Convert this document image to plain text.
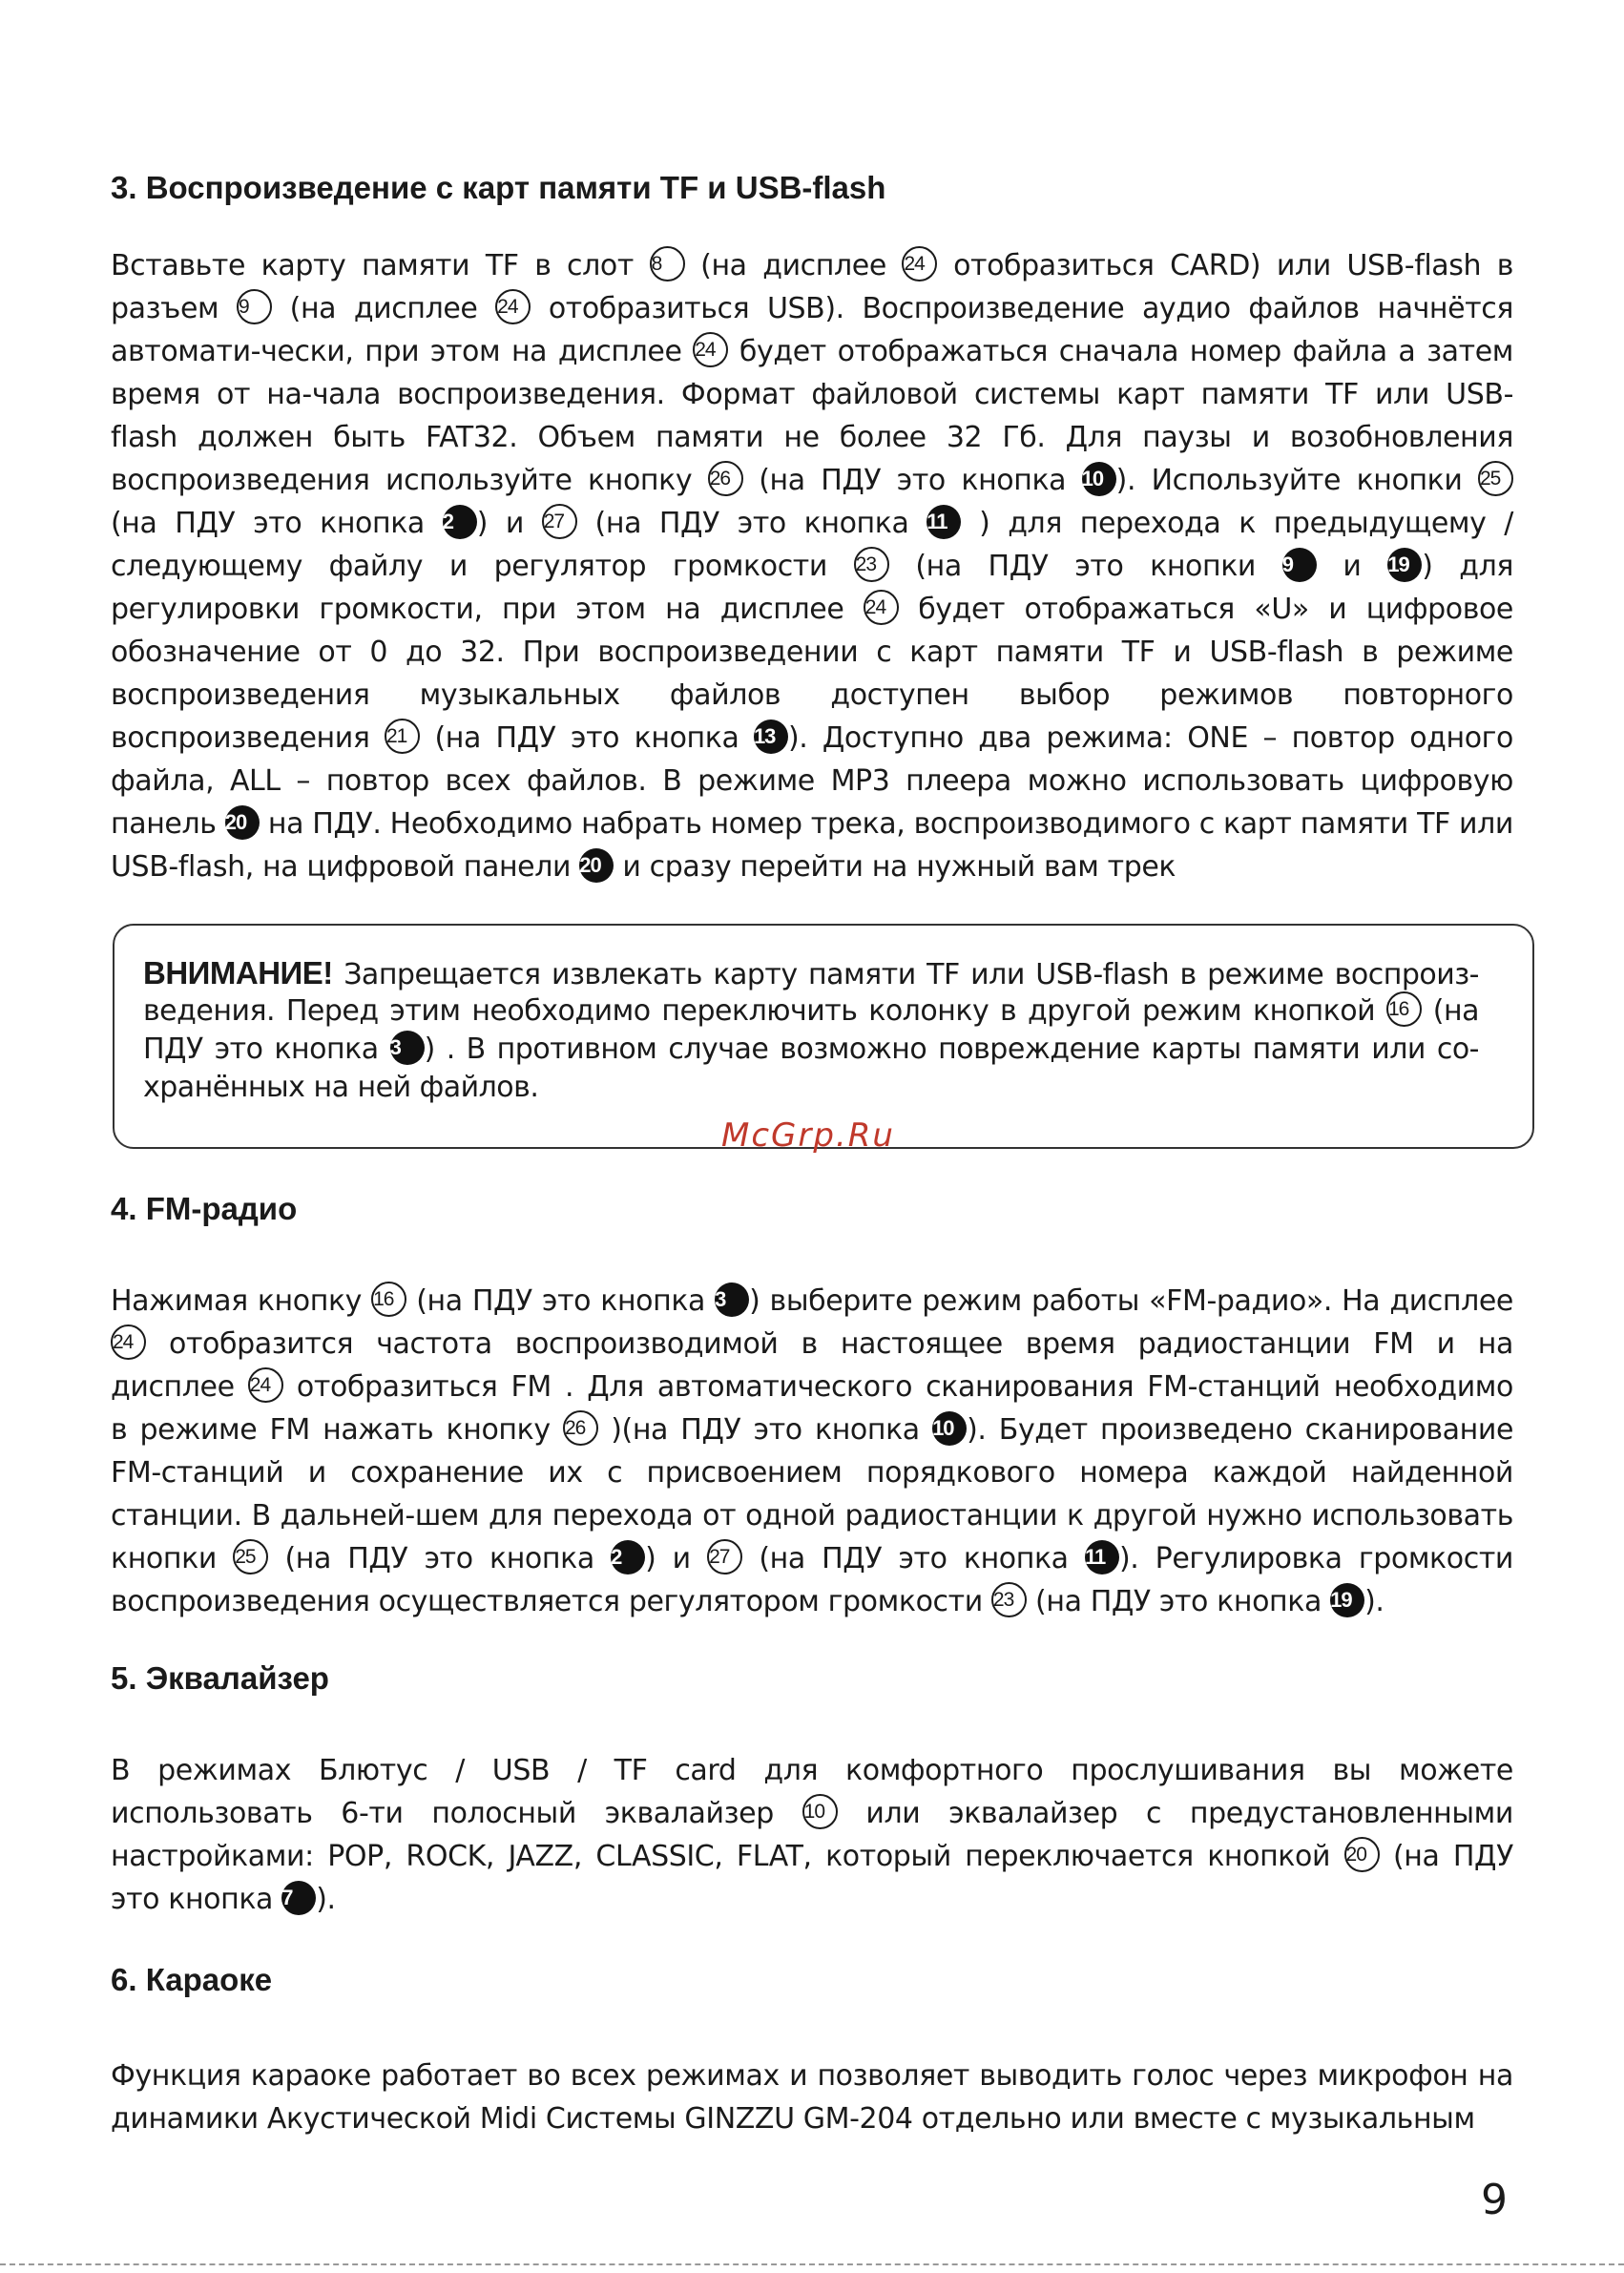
3. Воспроизведение с карт памяти TF и USB-flash
Вставьте карту памяти TF в слот 8 (на дисплее 24 отобразиться CARD) или USB-flash в
разъем 9 (на дисплее 24 отобразиться USB). Воспроизведение аудио файлов начнётся
автомати-чески, при этом на дисплее 24 будет отображаться сначала номер файла а затем
время от на-чала воспроизведения. Формат файловой системы карт памяти TF или USB-
flash должен быть FAT32. Объем памяти не более 32 Гб. Для паузы и возобновления
воспроизведения используйте кнопку 26 (на ПДУ это кнопка 10 ). Используйте кнопки 25
(на ПДУ это кнопка 2 ) и 27 (на ПДУ это кнопка 11 ) для перехода к предыдущему /
следующему файлу и регулятор громкости 23 (на ПДУ это кнопки 9 и 19 ) для
регулировки громкости, при этом на дисплее 24 будет отображаться «U» и цифровое
обозначение от 0 до 32. При воспроизведении с карт памяти TF и USB-flash в режиме
воспроизведения музыкальных файлов доступен выбор режимов повторного
воспроизведения 21 (на ПДУ это кнопка 13 ). Доступно два режима: ONE – повтор одного
файла, ALL – повтор всех файлов. В режиме MP3 плеера можно использовать цифровую
панель 20 на ПДУ. Необходимо набрать номер трека, воспроизводимого с карт памяти TF или
USB-flash, на цифровой панели 20 и сразу перейти на нужный вам трек
ВНИМАНИЕ! Запрещается извлекать карту памяти TF или USB-flash в режиме воспроиз-
ведения. Перед этим необходимо переключить колонку в другой режим кнопкой 16 (на
ПДУ это кнопка 3 ) . В противном случае возможно повреждение карты памяти или со-
хранённых на ней файлов.
McGrp.Ru
4. FM-радио
Нажимая кнопку 16 (на ПДУ это кнопка 3 ) выберите режим работы «FM-радио». На дисплее
24 отобразится частота воспроизводимой в настоящее время радиостанции FM и на
дисплее 24 отобразиться FM . Для автоматического сканирования FM-станций необходимо
в режиме FM нажать кнопку 26 )(на ПДУ это кнопка 10 ). Будет произведено сканирование
FM-станций и сохранение их с присвоением порядкового номера каждой найденной
станции. В дальней-шем для перехода от одной радиостанции к другой нужно использовать
кнопки 25 (на ПДУ это кнопка 2 ) и 27 (на ПДУ это кнопка 11 ). Регулировка громкости
воспроизведения осуществляется регулятором громкости 23 (на ПДУ это кнопка 19 ).
5. Эквалайзер
В режимах Блютус / USB / TF card для комфортного прослушивания вы можете
использовать 6-ти полосный эквалайзер 10 или эквалайзер с предустановленными
настройками: POP, ROCK, JAZZ, CLASSIC, FLAT, который переключается кнопкой 20 (на ПДУ
это кнопка 7 ).
6. Караоке
Функция караоке работает во всех режимах и позволяет выводить голос через микрофон на
динамики Акустической Midi Системы GINZZU GM-204 отдельно или вместе с музыкальным
9
